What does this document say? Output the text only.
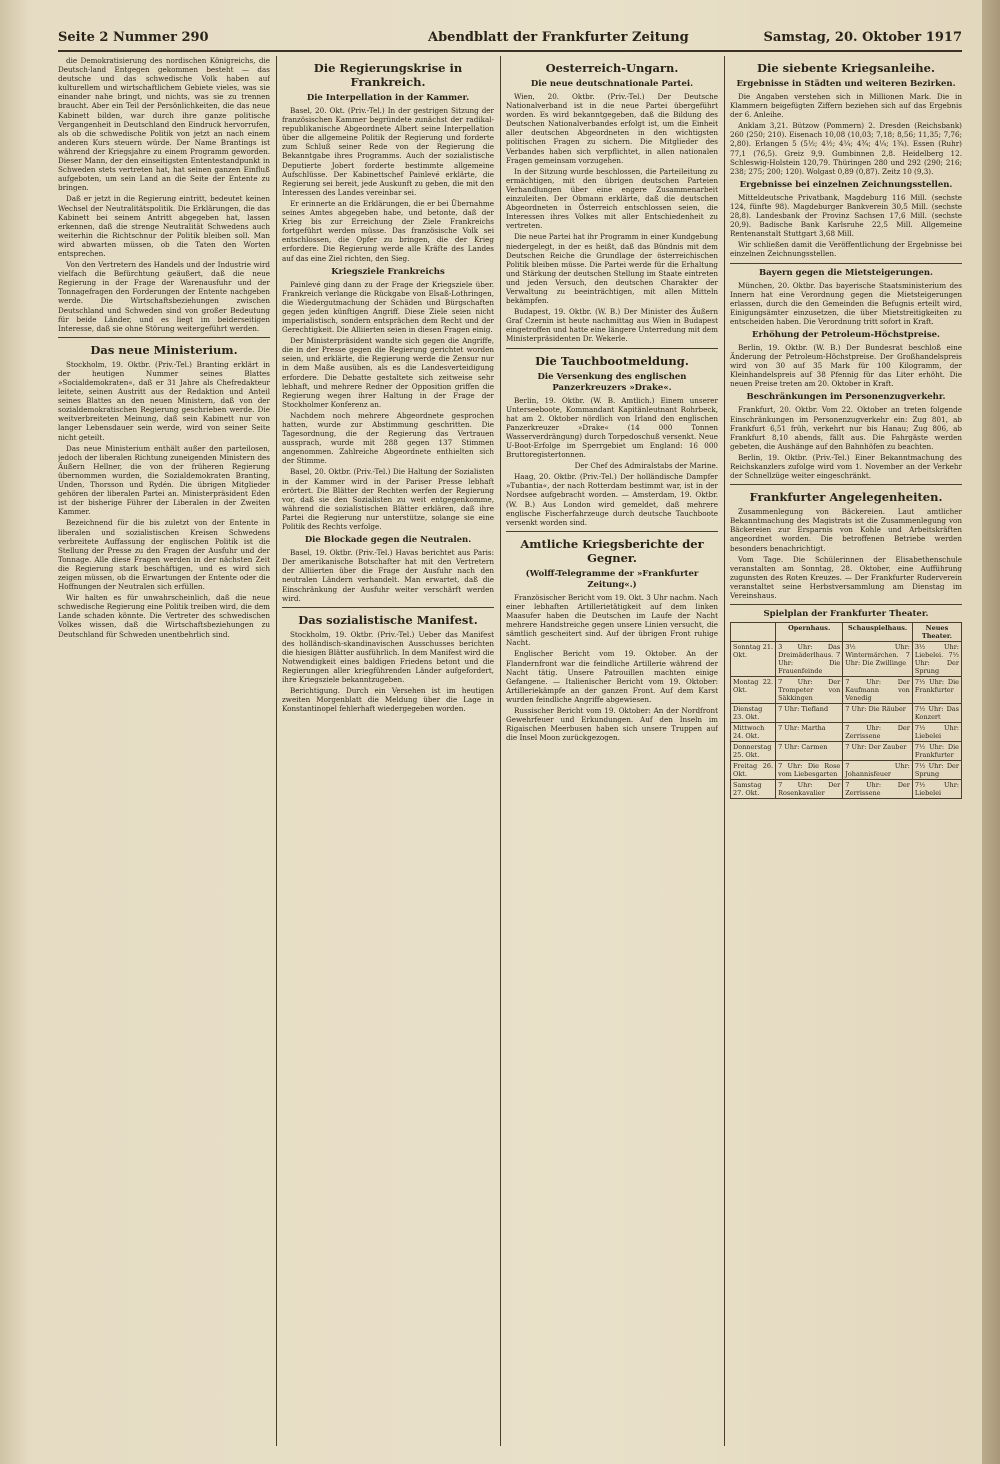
Seite 2 Nummer 290	Abendblatt der Frankfurter Zeitung	Samstag, 20. Oktober 1917

die Demokratisierung des nordischen Königreichs, die Deutsch-land Entgegen gekommen besteht — das deutsche und das schwedische Volk haben auf kulturellem und wirtschaftlichem Gebiete vieles, was sie einander nahe bringt, und nichts, was sie zu trennen braucht. Aber ein Teil der Persönlichkeiten, die das neue Kabinett bilden, war durch ihre ganze politische Vergangenheit in Deutschland den Eindruck hervorrufen, als ob die schwedische Politik von jetzt an nach einem anderen Kurs steuern würde. Der Name Brantings ist während der Kriegsjahre zu einem Programm geworden. Dieser Mann, der den einseitigsten Ententestandpunkt in Schweden stets vertreten hat, hat seinen ganzen Einfluß aufgeboten, um sein Land an die Seite der Entente zu bringen.

Daß er jetzt in die Regierung eintritt, bedeutet keinen Wechsel der Neutralitätspolitik. Die Erklärungen, die das Kabinett bei seinem Antritt abgegeben hat, lassen erkennen, daß die strenge Neutralität Schwedens auch weiterhin die Richtschnur der Politik bleiben soll. Man wird abwarten müssen, ob die Taten den Worten entsprechen.

Von den Vertretern des Handels und der Industrie wird vielfach die Befürchtung geäußert, daß die neue Regierung in der Frage der Warenausfuhr und der Tonnagefragen den Forderungen der Entente nachgeben werde. Die Wirtschaftsbeziehungen zwischen Deutschland und Schweden sind von großer Bedeutung für beide Länder, und es liegt im beiderseitigen Interesse, daß sie ohne Störung weitergeführt werden.

Das neue Ministerium.

Stockholm, 19. Oktbr. (Priv.-Tel.) Branting erklärt in der heutigen Nummer seines Blattes »Socialdemokraten«, daß er 31 Jahre als Chefredakteur leitete, seinen Austritt aus der Redaktion und Anteil seines Blattes an den neuen Ministern, daß von der sozialdemokratischen Regierung geschrieben werde. Die weitverbreiteten Meinung, daß sein Kabinett nur von langer Lebensdauer sein werde, wird von seiner Seite nicht geteilt.

Das neue Ministerium enthält außer den parteilosen, jedoch der liberalen Richtung zuneigenden Ministern des Äußern Hellner, die von der früheren Regierung übernommen wurden, die Sozialdemokraten Branting, Unden, Thorsson und Rydén. Die übrigen Mitglieder gehören der liberalen Partei an. Ministerpräsident Eden ist der bisherige Führer der Liberalen in der Zweiten Kammer.

Bezeichnend für die bis zuletzt von der Entente in liberalen und sozialistischen Kreisen Schwedens verbreitete Auffassung der englischen Politik ist die Stellung der Presse zu den Fragen der Ausfuhr und der Tonnage. Alle diese Fragen werden in der nächsten Zeit die Regierung stark beschäftigen, und es wird sich zeigen müssen, ob die Erwartungen der Entente oder die Hoffnungen der Neutralen sich erfüllen.

Wir halten es für unwahrscheinlich, daß die neue schwedische Regierung eine Politik treiben wird, die dem Lande schaden könnte. Die Vertreter des schwedischen Volkes wissen, daß die Wirtschaftsbeziehungen zu Deutschland für Schweden unentbehrlich sind.

Die Regierungskrise in Frankreich.
Die Interpellation in der Kammer.

Basel, 20. Okt. (Priv.-Tel.) In der gestrigen Sitzung der französischen Kammer begründete zunächst der radikal-republikanische Abgeordnete Albert seine Interpellation über die allgemeine Politik der Regierung und forderte zum Schluß seiner Rede von der Regierung die Bekanntgabe ihres Programms. Auch der sozialistische Deputierte Jobert forderte bestimmte allgemeine Aufschlüsse. Der Kabinettschef Painlevé erklärte, die Regierung sei bereit, jede Auskunft zu geben, die mit den Interessen des Landes vereinbar sei.

Er erinnerte an die Erklärungen, die er bei Übernahme seines Amtes abgegeben habe, und betonte, daß der Krieg bis zur Erreichung der Ziele Frankreichs fortgeführt werden müsse. Das französische Volk sei entschlossen, die Opfer zu bringen, die der Krieg erfordere. Die Regierung werde alle Kräfte des Landes auf das eine Ziel richten, den Sieg.

Kriegsziele Frankreichs

Painlevé ging dann zu der Frage der Kriegsziele über. Frankreich verlange die Rückgabe von Elsaß-Lothringen, die Wiedergutmachung der Schäden und Bürgschaften gegen jeden künftigen Angriff. Diese Ziele seien nicht imperialistisch, sondern entsprächen dem Recht und der Gerechtigkeit. Die Alliierten seien in diesen Fragen einig.

Der Ministerpräsident wandte sich gegen die Angriffe, die in der Presse gegen die Regierung gerichtet worden seien, und erklärte, die Regierung werde die Zensur nur in dem Maße ausüben, als es die Landesverteidigung erfordere. Die Debatte gestaltete sich zeitweise sehr lebhaft, und mehrere Redner der Opposition griffen die Regierung wegen ihrer Haltung in der Frage der Stockholmer Konferenz an.

Nachdem noch mehrere Abgeordnete gesprochen hatten, wurde zur Abstimmung geschritten. Die Tagesordnung, die der Regierung das Vertrauen aussprach, wurde mit 288 gegen 137 Stimmen angenommen. Zahlreiche Abgeordnete enthielten sich der Stimme.

Basel, 20. Oktbr. (Priv.-Tel.) Die Haltung der Sozialisten in der Kammer wird in der Pariser Presse lebhaft erörtert. Die Blätter der Rechten werfen der Regierung vor, daß sie den Sozialisten zu weit entgegenkomme, während die sozialistischen Blätter erklären, daß ihre Partei die Regierung nur unterstütze, solange sie eine Politik des Rechts verfolge.

Die Blockade gegen die Neutralen.

Basel, 19. Oktbr. (Priv.-Tel.) Havas berichtet aus Paris: Der amerikanische Botschafter hat mit den Vertretern der Alliierten über die Frage der Ausfuhr nach den neutralen Ländern verhandelt. Man erwartet, daß die Einschränkung der Ausfuhr weiter verschärft werden wird.

Das sozialistische Manifest.

Stockholm, 19. Oktbr. (Priv.-Tel.) Ueber das Manifest des holländisch-skandinavischen Ausschusses berichten die hiesigen Blätter ausführlich. In dem Manifest wird die Notwendigkeit eines baldigen Friedens betont und die Regierungen aller kriegführenden Länder aufgefordert, ihre Kriegsziele bekanntzugeben.

Berichtigung. Durch ein Versehen ist im heutigen zweiten Morgenblatt die Meldung über die Lage in Konstantinopel fehlerhaft wiedergegeben worden.

Oesterreich-Ungarn.
Die neue deutschnationale Partei.

Wien, 20. Oktbr. (Priv.-Tel.) Der Deutsche Nationalverband ist in die neue Partei übergeführt worden. Es wird bekanntgegeben, daß die Bildung des Deutschen Nationalverbandes erfolgt ist, um die Einheit aller deutschen Abgeordneten in den wichtigsten politischen Fragen zu sichern. Die Mitglieder des Verbandes haben sich verpflichtet, in allen nationalen Fragen gemeinsam vorzugehen.

In der Sitzung wurde beschlossen, die Parteileitung zu ermächtigen, mit den übrigen deutschen Parteien Verhandlungen über eine engere Zusammenarbeit einzuleiten. Der Obmann erklärte, daß die deutschen Abgeordneten in Österreich entschlossen seien, die Interessen ihres Volkes mit aller Entschiedenheit zu vertreten.

Die neue Partei hat ihr Programm in einer Kundgebung niedergelegt, in der es heißt, daß das Bündnis mit dem Deutschen Reiche die Grundlage der österreichischen Politik bleiben müsse. Die Partei werde für die Erhaltung und Stärkung der deutschen Stellung im Staate eintreten und jeden Versuch, den deutschen Charakter der Verwaltung zu beeinträchtigen, mit allen Mitteln bekämpfen.

Budapest, 19. Oktbr. (W. B.) Der Minister des Äußern Graf Czernin ist heute nachmittag aus Wien in Budapest eingetroffen und hatte eine längere Unterredung mit dem Ministerpräsidenten Dr. Wekerle.

Die Tauchbootmeldung.
Die Versenkung des englischen Panzerkreuzers »Drake«.

Berlin, 19. Oktbr. (W. B. Amtlich.) Einem unserer Unterseeboote, Kommandant Kapitänleutnant Rohrbeck, hat am 2. Oktober nördlich von Irland den englischen Panzerkreuzer »Drake« (14 000 Tonnen Wasserverdrängung) durch Torpedoschuß versenkt. Neue U-Boot-Erfolge im Sperrgebiet um England: 16 000 Bruttoregistertonnen.

Der Chef des Admiralstabs der Marine.

Haag, 20. Oktbr. (Priv.-Tel.) Der holländische Dampfer »Tubantia«, der nach Rotterdam bestimmt war, ist in der Nordsee aufgebracht worden. — Amsterdam, 19. Oktbr. (W. B.) Aus London wird gemeldet, daß mehrere englische Fischerfahrzeuge durch deutsche Tauchboote versenkt worden sind.

Amtliche Kriegsberichte der Gegner.
(Wolff-Telegramme der »Frankfurter Zeitung«.)

Französischer Bericht vom 19. Okt. 3 Uhr nachm. Nach einer lebhaften Artillerietätigkeit auf dem linken Maasufer haben die Deutschen im Laufe der Nacht mehrere Handstreiche gegen unsere Linien versucht, die sämtlich gescheitert sind. Auf der übrigen Front ruhige Nacht.

Englischer Bericht vom 19. Oktober. An der Flandernfront war die feindliche Artillerie während der Nacht tätig. Unsere Patrouillen machten einige Gefangene. — Italienischer Bericht vom 19. Oktober: Artilleriekämpfe an der ganzen Front. Auf dem Karst wurden feindliche Angriffe abgewiesen.

Russischer Bericht vom 19. Oktober: An der Nordfront Gewehrfeuer und Erkundungen. Auf den Inseln im Rigaischen Meerbusen haben sich unsere Truppen auf die Insel Moon zurückgezogen.

Die siebente Kriegsanleihe.
Ergebnisse in Städten und weiteren Bezirken.

Die Angaben verstehen sich in Millionen Mark. Die in Klammern beigefügten Ziffern beziehen sich auf das Ergebnis der 6. Anleihe.

Anklam 3,21. Bützow (Pommern) 2. Dresden (Reichsbank) 260 (250; 210). Eisenach 10,08 (10,03; 7,18; 8,56; 11,35; 7,76; 2,80). Erlangen 5 (5½; 4½; 4¼; 4¾; 4¼; 1¾). Essen (Ruhr) 77,1 (76,5). Greiz 9,9. Gumbinnen 2,8. Heidelberg 12. Schleswig-Holstein 120,79. Thüringen 280 und 292 (290; 216; 238; 275; 200; 120). Wolgast 0,89 (0,87). Zeitz 10 (9,3).

Ergebnisse bei einzelnen Zeichnungsstellen.

Mitteldeutsche Privatbank, Magdeburg 116 Mill. (sechste 124, fünfte 98). Magdeburger Bankverein 30,5 Mill. (sechste 28,8). Landesbank der Provinz Sachsen 17,6 Mill. (sechste 20,9). Badische Bank Karlsruhe 22,5 Mill. Allgemeine Rentenanstalt Stuttgart 3,68 Mill.

Wir schließen damit die Veröffentlichung der Ergebnisse bei einzelnen Zeichnungsstellen.

Bayern gegen die Mietsteigerungen.

München, 20. Oktbr. Das bayerische Staatsministerium des Innern hat eine Verordnung gegen die Mietsteigerungen erlassen, durch die den Gemeinden die Befugnis erteilt wird, Einigungsämter einzusetzen, die über Mietstreitigkeiten zu entscheiden haben. Die Verordnung tritt sofort in Kraft.

Erhöhung der Petroleum-Höchstpreise.

Berlin, 19. Oktbr. (W. B.) Der Bundesrat beschloß eine Änderung der Petroleum-Höchstpreise. Der Großhandelspreis wird von 30 auf 35 Mark für 100 Kilogramm, der Kleinhandelspreis auf 38 Pfennig für das Liter erhöht. Die neuen Preise treten am 20. Oktober in Kraft.

Beschränkungen im Personenzugverkehr.

Frankfurt, 20. Oktbr. Vom 22. Oktober an treten folgende Einschränkungen im Personenzugverkehr ein: Zug 801, ab Frankfurt 6,51 früh, verkehrt nur bis Hanau; Zug 806, ab Frankfurt 8,10 abends, fällt aus. Die Fahrgäste werden gebeten, die Aushänge auf den Bahnhöfen zu beachten.

Berlin, 19. Oktbr. (Priv.-Tel.) Einer Bekanntmachung des Reichskanzlers zufolge wird vom 1. November an der Verkehr der Schnellzüge weiter eingeschränkt.

Frankfurter Angelegenheiten.

Zusammenlegung von Bäckereien. Laut amtlicher Bekanntmachung des Magistrats ist die Zusammenlegung von Bäckereien zur Ersparnis von Kohle und Arbeitskräften angeordnet worden. Die betroffenen Betriebe werden besonders benachrichtigt.

Vom Tage. Die Schülerinnen der Elisabethenschule veranstalten am Sonntag, 28. Oktober, eine Aufführung zugunsten des Roten Kreuzes. — Der Frankfurter Ruderverein veranstaltet seine Herbstversammlung am Dienstag im Vereinshaus.

Spielplan der Frankfurter Theater.
	Opernhaus.	Schauspielhaus.	Neues Theater.
Sonntag 21. Okt.	3 Uhr: Das Dreimäderlhaus. 7 Uhr: Die Frauenfeinde	3½ Uhr: Wintermärchen. 7 Uhr: Die Zwillinge	3½ Uhr: Liebelei. 7½ Uhr: Der Sprung
Montag 22. Okt.	7 Uhr: Der Trompeter von Säkkingen	7 Uhr: Der Kaufmann von Venedig	7½ Uhr: Die Frankfurter
Dienstag 23. Okt.	7 Uhr: Tiefland	7 Uhr: Die Räuber	7½ Uhr: Das Konzert
Mittwoch 24. Okt.	7 Uhr: Martha	7 Uhr: Der Zerrissene	7½ Uhr: Liebelei
Donnerstag 25. Okt.	7 Uhr: Carmen	7 Uhr: Der Zauber	7½ Uhr: Die Frankfurter
Freitag 26. Okt.	7 Uhr: Die Rose vom Liebesgarten	7 Uhr: Johannisfeuer	7½ Uhr: Der Sprung
Samstag 27. Okt.	7 Uhr: Der Rosenkavalier	7 Uhr: Der Zerrissene	7½ Uhr: Liebelei
